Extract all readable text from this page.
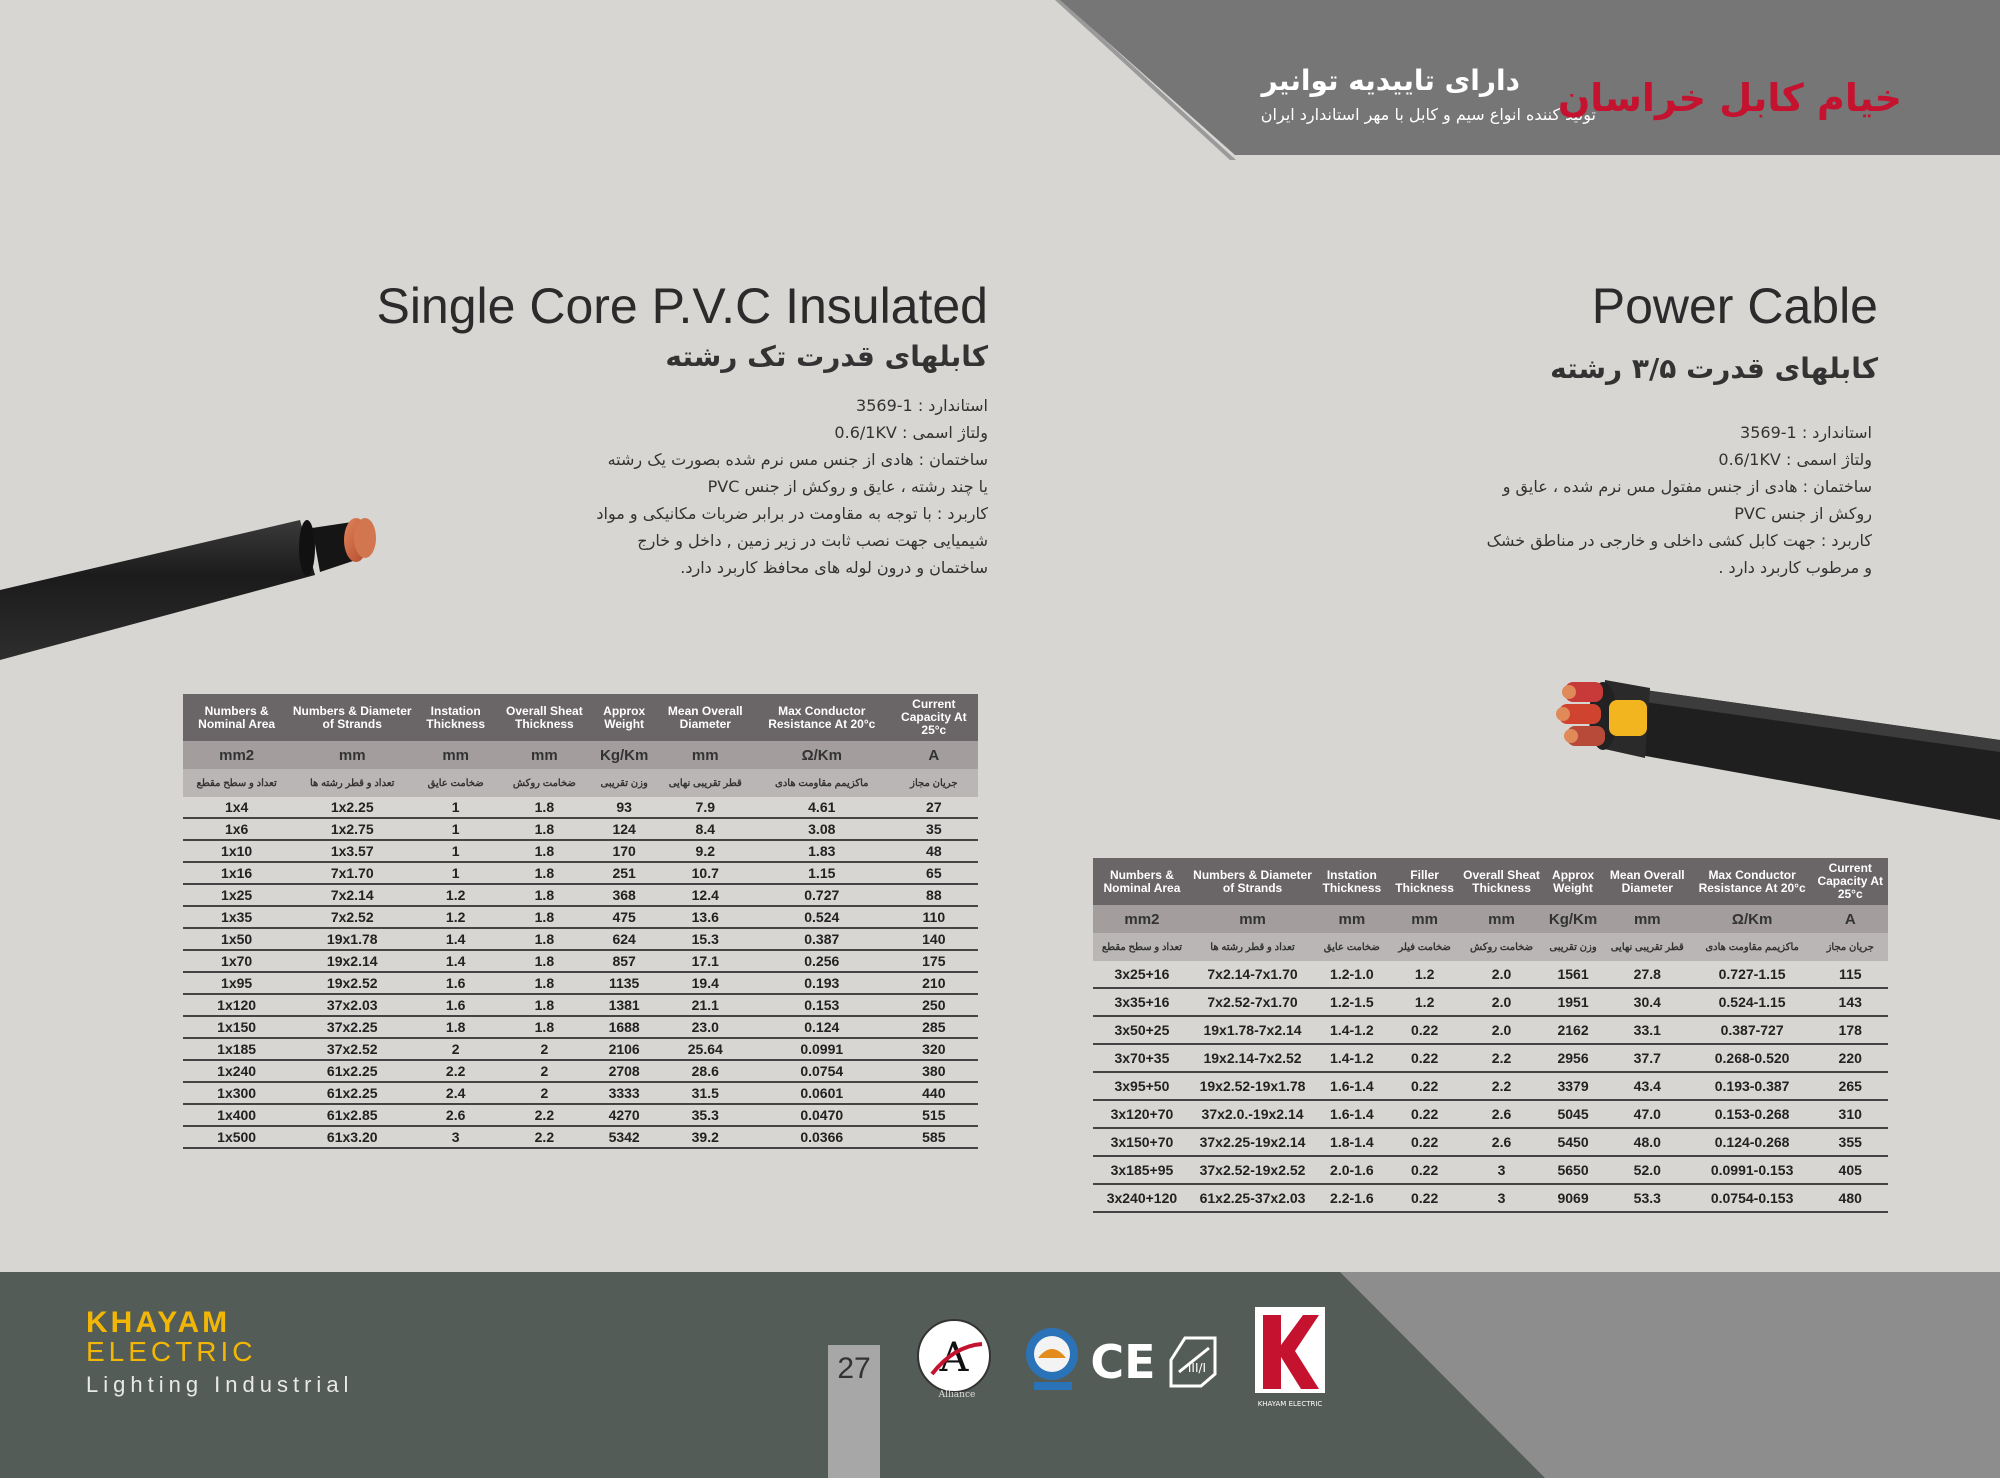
دارای تاییدیه توانیر
تولید کننده انواع سیم و کابل با مهر استاندارد ایران
خیام کابل خراسان
Single Core P.V.C Insulated
کابلهای قدرت تک رشته

استاندارد : 1-3569

ولتاژ اسمی : 0.6/1KV

ساختمان : هادی از جنس مس نرم شده بصورت یک رشته

یا چند رشته ، عایق و روکش از جنس PVC

کاربرد : با توجه به مقاومت در برابر ضربات مکانیکی و مواد

شیمیایی جهت نصب ثابت در زیر زمین , داخل و خارج

ساختمان و درون لوله های محافظ کاربرد دارد.

Numbers & Nominal Area	Numbers & Diameter of Strands	Instation Thickness	Overall Sheat Thickness	Approx Weight	Mean Overall Diameter	Max Conductor Resistance At 20°c	Current Capacity At 25°c
mm2	mm	mm	mm	Kg/Km	mm	Ω/Km	A
تعداد و سطح مقطع	تعداد و قطر رشته ها	ضخامت عایق	ضخامت روکش	وزن تقریبی	قطر تقریبی نهایی	ماکزیمم مقاومت هادی	جریان مجاز
1x4	1x2.25	1	1.8	93	7.9	4.61	27
1x6	1x2.75	1	1.8	124	8.4	3.08	35
1x10	1x3.57	1	1.8	170	9.2	1.83	48
1x16	7x1.70	1	1.8	251	10.7	1.15	65
1x25	7x2.14	1.2	1.8	368	12.4	0.727	88
1x35	7x2.52	1.2	1.8	475	13.6	0.524	110
1x50	19x1.78	1.4	1.8	624	15.3	0.387	140
1x70	19x2.14	1.4	1.8	857	17.1	0.256	175
1x95	19x2.52	1.6	1.8	1135	19.4	0.193	210
1x120	37x2.03	1.6	1.8	1381	21.1	0.153	250
1x150	37x2.25	1.8	1.8	1688	23.0	0.124	285
1x185	37x2.52	2	2	2106	25.64	0.0991	320
1x240	61x2.25	2.2	2	2708	28.6	0.0754	380
1x300	61x2.25	2.4	2	3333	31.5	0.0601	440
1x400	61x2.85	2.6	2.2	4270	35.3	0.0470	515
1x500	61x3.20	3	2.2	5342	39.2	0.0366	585
Power Cable
کابلهای قدرت ۳/۵ رشته

استاندارد : 1-3569

ولتاژ اسمی : 0.6/1KV

ساختمان : هادی از جنس مفتول مس نرم شده ، عایق و

روکش از جنس PVC

کاربرد : جهت کابل کشی داخلی و خارجی در مناطق خشک

و مرطوب کاربرد دارد .

Numbers & Nominal Area	Numbers & Diameter of Strands	Instation Thickness	Filler Thickness	Overall Sheat Thickness	Approx Weight	Mean Overall Diameter	Max Conductor Resistance At 20°c	Current Capacity At 25°c
mm2	mm	mm	mm	mm	Kg/Km	mm	Ω/Km	A
تعداد و سطح مقطع	تعداد و قطر رشته ها	ضخامت عایق	ضخامت فیلر	ضخامت روکش	وزن تقریبی	قطر تقریبی نهایی	ماکزیمم مقاومت هادی	جریان مجاز
3x25+16	7x2.14-7x1.70	1.2-1.0	1.2	2.0	1561	27.8	0.727-1.15	115
3x35+16	7x2.52-7x1.70	1.2-1.5	1.2	2.0	1951	30.4	0.524-1.15	143
3x50+25	19x1.78-7x2.14	1.4-1.2	0.22	2.0	2162	33.1	0.387-727	178
3x70+35	19x2.14-7x2.52	1.4-1.2	0.22	2.2	2956	37.7	0.268-0.520	220
3x95+50	19x2.52-19x1.78	1.6-1.4	0.22	2.2	3379	43.4	0.193-0.387	265
3x120+70	37x2.0.-19x2.14	1.6-1.4	0.22	2.6	5045	47.0	0.153-0.268	310
3x150+70	37x2.25-19x2.14	1.8-1.4	0.22	2.6	5450	48.0	0.124-0.268	355
3x185+95	37x2.52-19x2.52	2.0-1.6	0.22	3	5650	52.0	0.0991-0.153	405
3x240+120	61x2.25-37x2.03	2.2-1.6	0.22	3	9069	53.3	0.0754-0.153	480
KHAYAM
ELECTRIC
Lighting Industrial	27 A
Alliance
CE	III/I
KHAYAM ELECTRIC
